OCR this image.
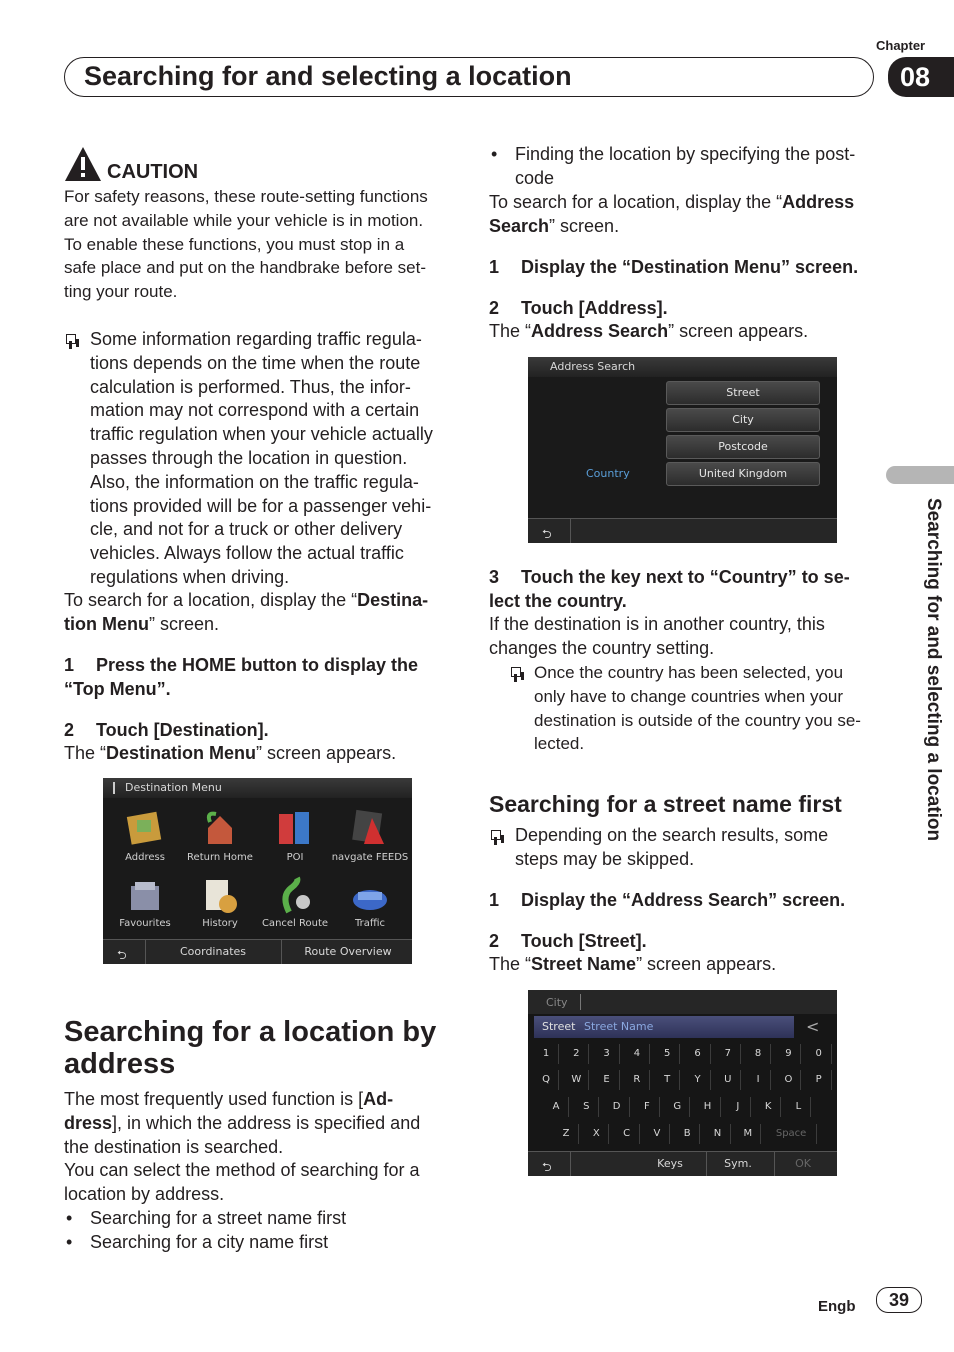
Chapter
Searching for and selecting a location	08
Searching for and selecting a location
CAUTION
For safety reasons, these route-setting functions
are not available while your vehicle is in motion.
To enable these functions, you must stop in a
safe place and put on the handbrake before set-
ting your route.
Some information regarding traffic regula-
tions depends on the time when the route
calculation is performed. Thus, the infor-
mation may not correspond with a certain
traffic regulation when your vehicle actually
passes through the location in question.
Also, the information on the traffic regula-
tions provided will be for a passenger vehi-
cle, and not for a truck or other delivery
vehicles. Always follow the actual traffic
regulations when driving.
To search for a location, display the “Destina-
tion Menu” screen.
1 Press the HOME button to display the
“Top Menu”.
2 Touch [Destination].
The “Destination Menu” screen appears.
Destination Menu
Address	Return Home	POI	navgate FEEDS
Favourites	History	Cancel Route	Traffic
⮌	Coordinates	Route Overview
Searching for a location by
address
The most frequently used function is [Ad-
dress], in which the address is specified and
the destination is searched.
You can select the method of searching for a
location by address.
• Searching for a street name first
• Searching for a city name first
• Finding the location by specifying the post-
code
To search for a location, display the “Address
Search” screen.
1 Display the “Destination Menu” screen.
2 Touch [Address].
The “Address Search” screen appears.
Address Search
Street
City
Postcode
Country	United Kingdom
⮌
3 Touch the key next to “Country” to se-
lect the country.
If the destination is in another country, this
changes the country setting.
Once the country has been selected, you
only have to change countries when your
destination is outside of the country you se-
lected.
Searching for a street name first
Depending on the search results, some
steps may be skipped.
1 Display the “Address Search” screen.
2 Touch [Street].
The “Street Name” screen appears.
City
Street Street Name	<
1	2	3	4	5	6	7	8	9	0
Q	W	E	R	T	Y	U	I	O	P
A	S	D	F	G	H	J	K	L
Z	X	C	V	B	N	M	Space
⮌	Keys	Sym.	OK
Engb	39
